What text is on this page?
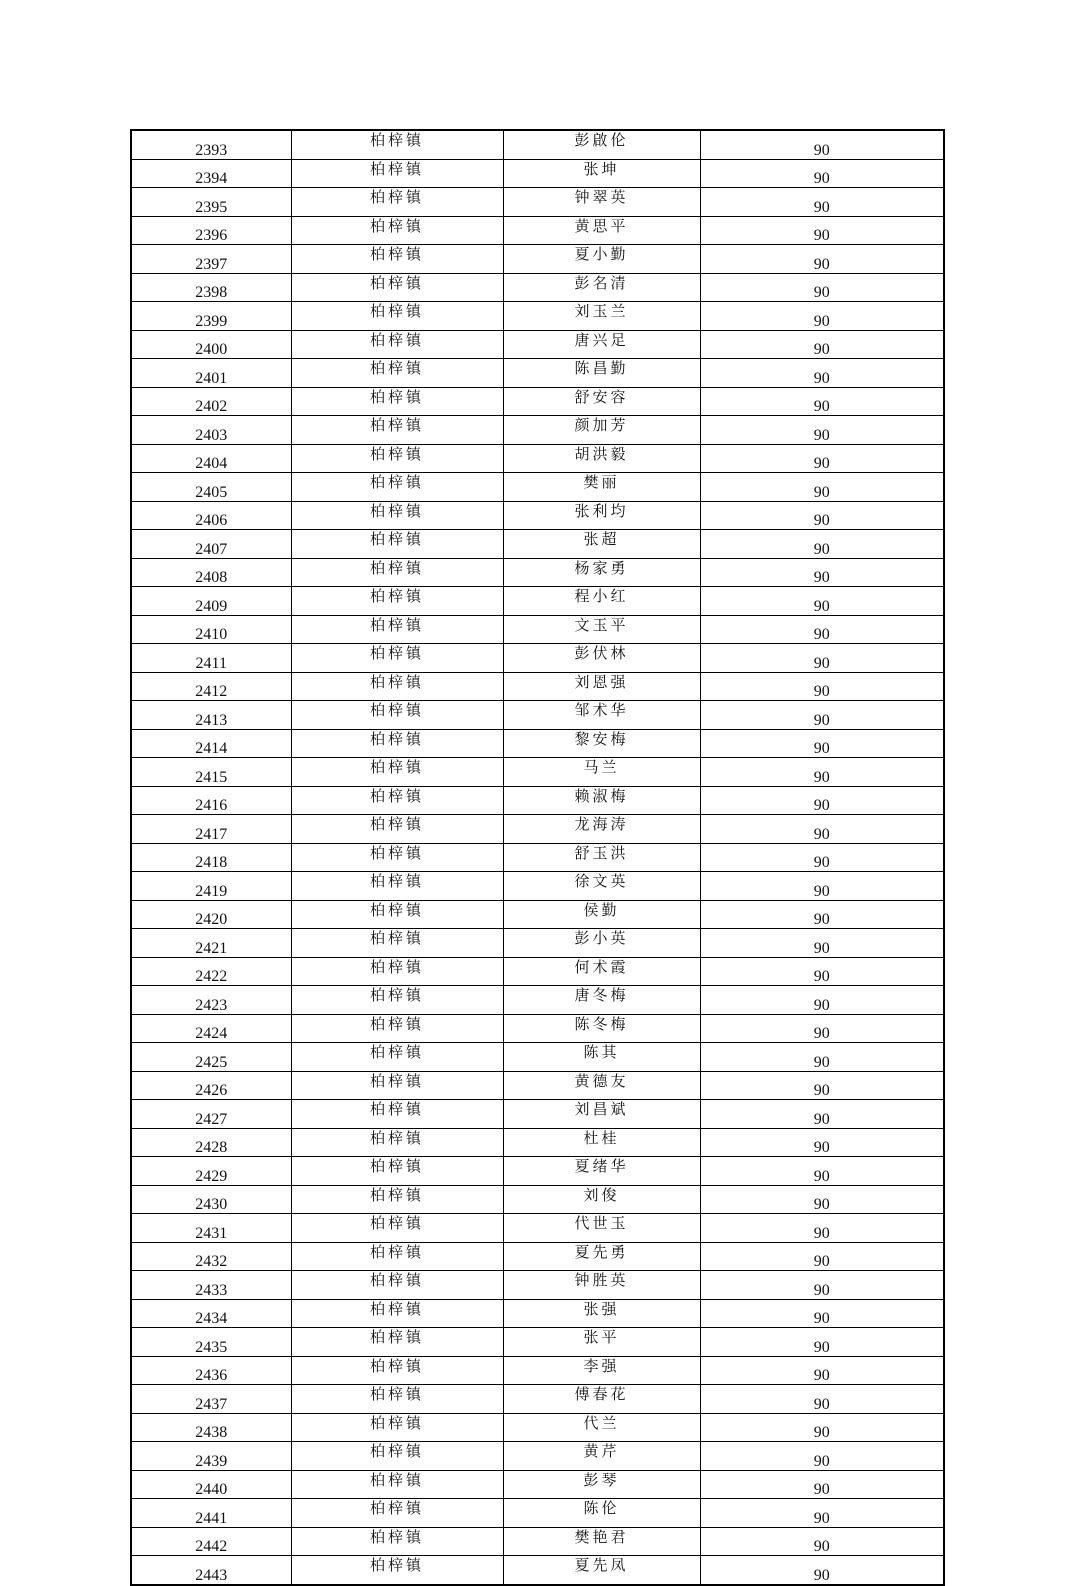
2393	柏梓镇	彭啟伦	90
2394	柏梓镇	张坤	90
2395	柏梓镇	钟翠英	90
2396	柏梓镇	黄思平	90
2397	柏梓镇	夏小勤	90
2398	柏梓镇	彭名清	90
2399	柏梓镇	刘玉兰	90
2400	柏梓镇	唐兴足	90
2401	柏梓镇	陈昌勤	90
2402	柏梓镇	舒安容	90
2403	柏梓镇	颜加芳	90
2404	柏梓镇	胡洪毅	90
2405	柏梓镇	樊丽	90
2406	柏梓镇	张利均	90
2407	柏梓镇	张超	90
2408	柏梓镇	杨家勇	90
2409	柏梓镇	程小红	90
2410	柏梓镇	文玉平	90
2411	柏梓镇	彭伏林	90
2412	柏梓镇	刘恩强	90
2413	柏梓镇	邹术华	90
2414	柏梓镇	黎安梅	90
2415	柏梓镇	马兰	90
2416	柏梓镇	赖淑梅	90
2417	柏梓镇	龙海涛	90
2418	柏梓镇	舒玉洪	90
2419	柏梓镇	徐文英	90
2420	柏梓镇	侯勤	90
2421	柏梓镇	彭小英	90
2422	柏梓镇	何术霞	90
2423	柏梓镇	唐冬梅	90
2424	柏梓镇	陈冬梅	90
2425	柏梓镇	陈其	90
2426	柏梓镇	黄德友	90
2427	柏梓镇	刘昌斌	90
2428	柏梓镇	杜桂	90
2429	柏梓镇	夏绪华	90
2430	柏梓镇	刘俊	90
2431	柏梓镇	代世玉	90
2432	柏梓镇	夏先勇	90
2433	柏梓镇	钟胜英	90
2434	柏梓镇	张强	90
2435	柏梓镇	张平	90
2436	柏梓镇	李强	90
2437	柏梓镇	傅春花	90
2438	柏梓镇	代兰	90
2439	柏梓镇	黄芹	90
2440	柏梓镇	彭琴	90
2441	柏梓镇	陈伦	90
2442	柏梓镇	樊艳君	90
2443	柏梓镇	夏先凤	90
